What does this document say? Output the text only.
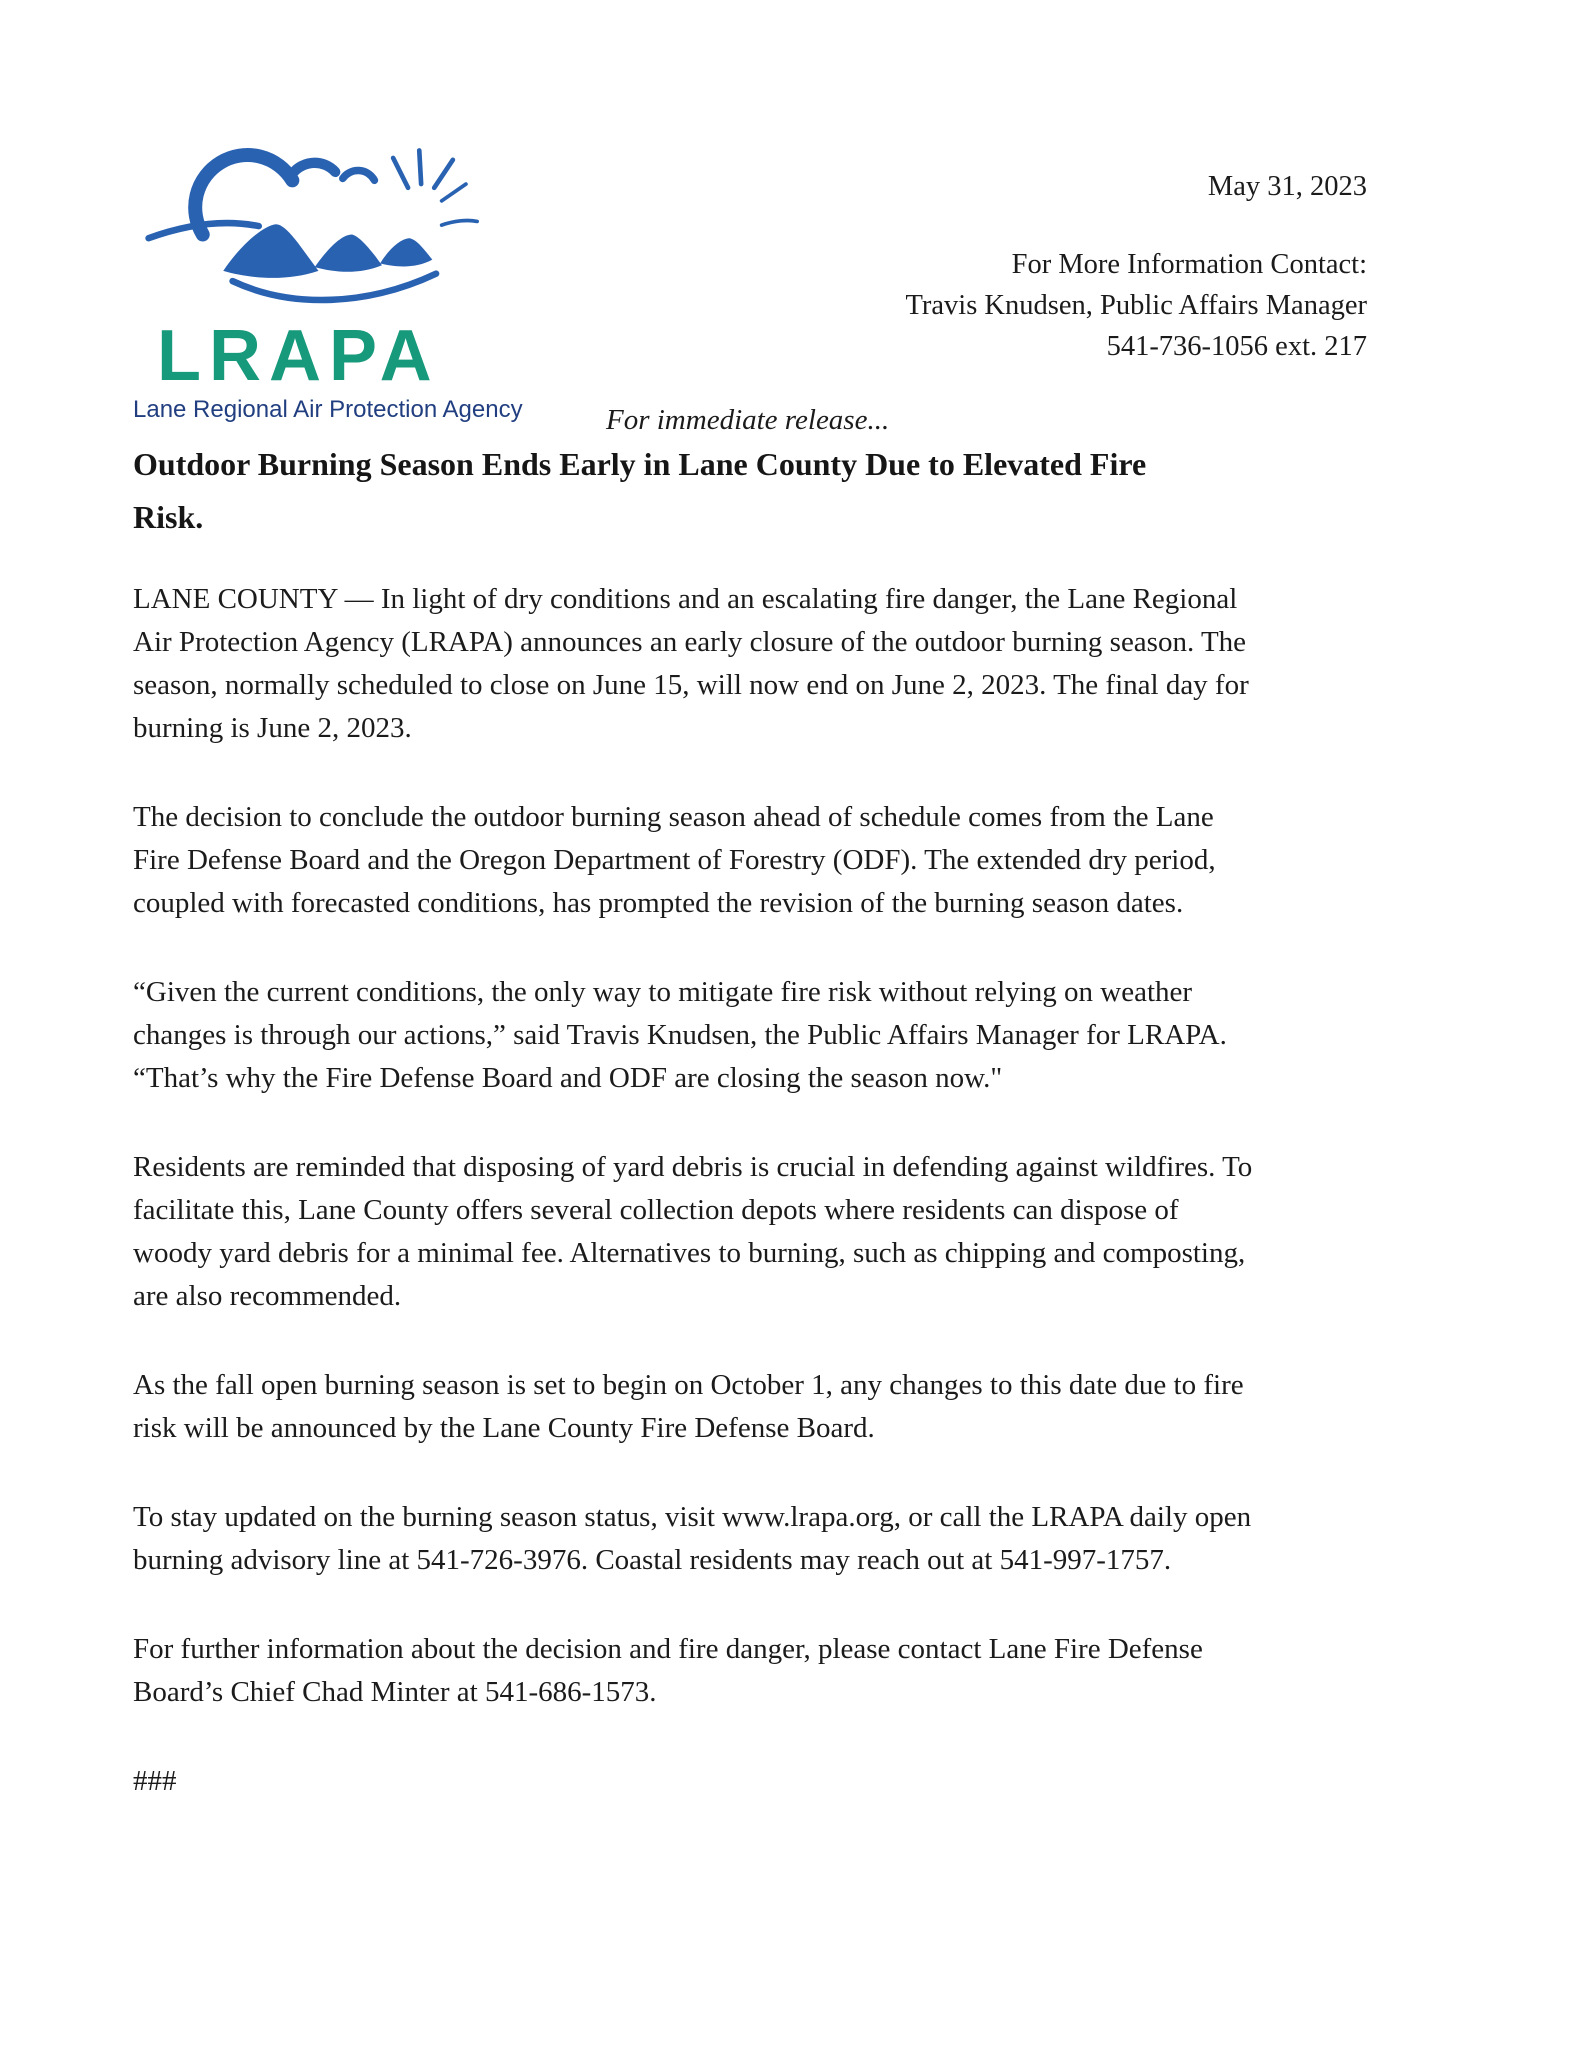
LRAPA
Lane Regional Air Protection Agency
May 31, 2023
For More Information Contact:
Travis Knudsen, Public Affairs Manager
541-736-1056 ext. 217
For immediate release...
Outdoor Burning Season Ends Early in Lane County Due to Elevated Fire
Risk.

LANE COUNTY — In light of dry conditions and an escalating fire danger, the Lane Regional
Air Protection Agency (LRAPA) announces an early closure of the outdoor burning season. The
season, normally scheduled to close on June 15, will now end on June 2, 2023. The final day for
burning is June 2, 2023.

The decision to conclude the outdoor burning season ahead of schedule comes from the Lane
Fire Defense Board and the Oregon Department of Forestry (ODF). The extended dry period,
coupled with forecasted conditions, has prompted the revision of the burning season dates.

“Given the current conditions, the only way to mitigate fire risk without relying on weather
changes is through our actions,” said Travis Knudsen, the Public Affairs Manager for LRAPA.
“That’s why the Fire Defense Board and ODF are closing the season now."

Residents are reminded that disposing of yard debris is crucial in defending against wildfires. To
facilitate this, Lane County offers several collection depots where residents can dispose of
woody yard debris for a minimal fee. Alternatives to burning, such as chipping and composting,
are also recommended.

As the fall open burning season is set to begin on October 1, any changes to this date due to fire
risk will be announced by the Lane County Fire Defense Board.

To stay updated on the burning season status, visit www.lrapa.org, or call the LRAPA daily open
burning advisory line at 541-726-3976. Coastal residents may reach out at 541-997-1757.

For further information about the decision and fire danger, please contact Lane Fire Defense
Board’s Chief Chad Minter at 541-686-1573.

###
